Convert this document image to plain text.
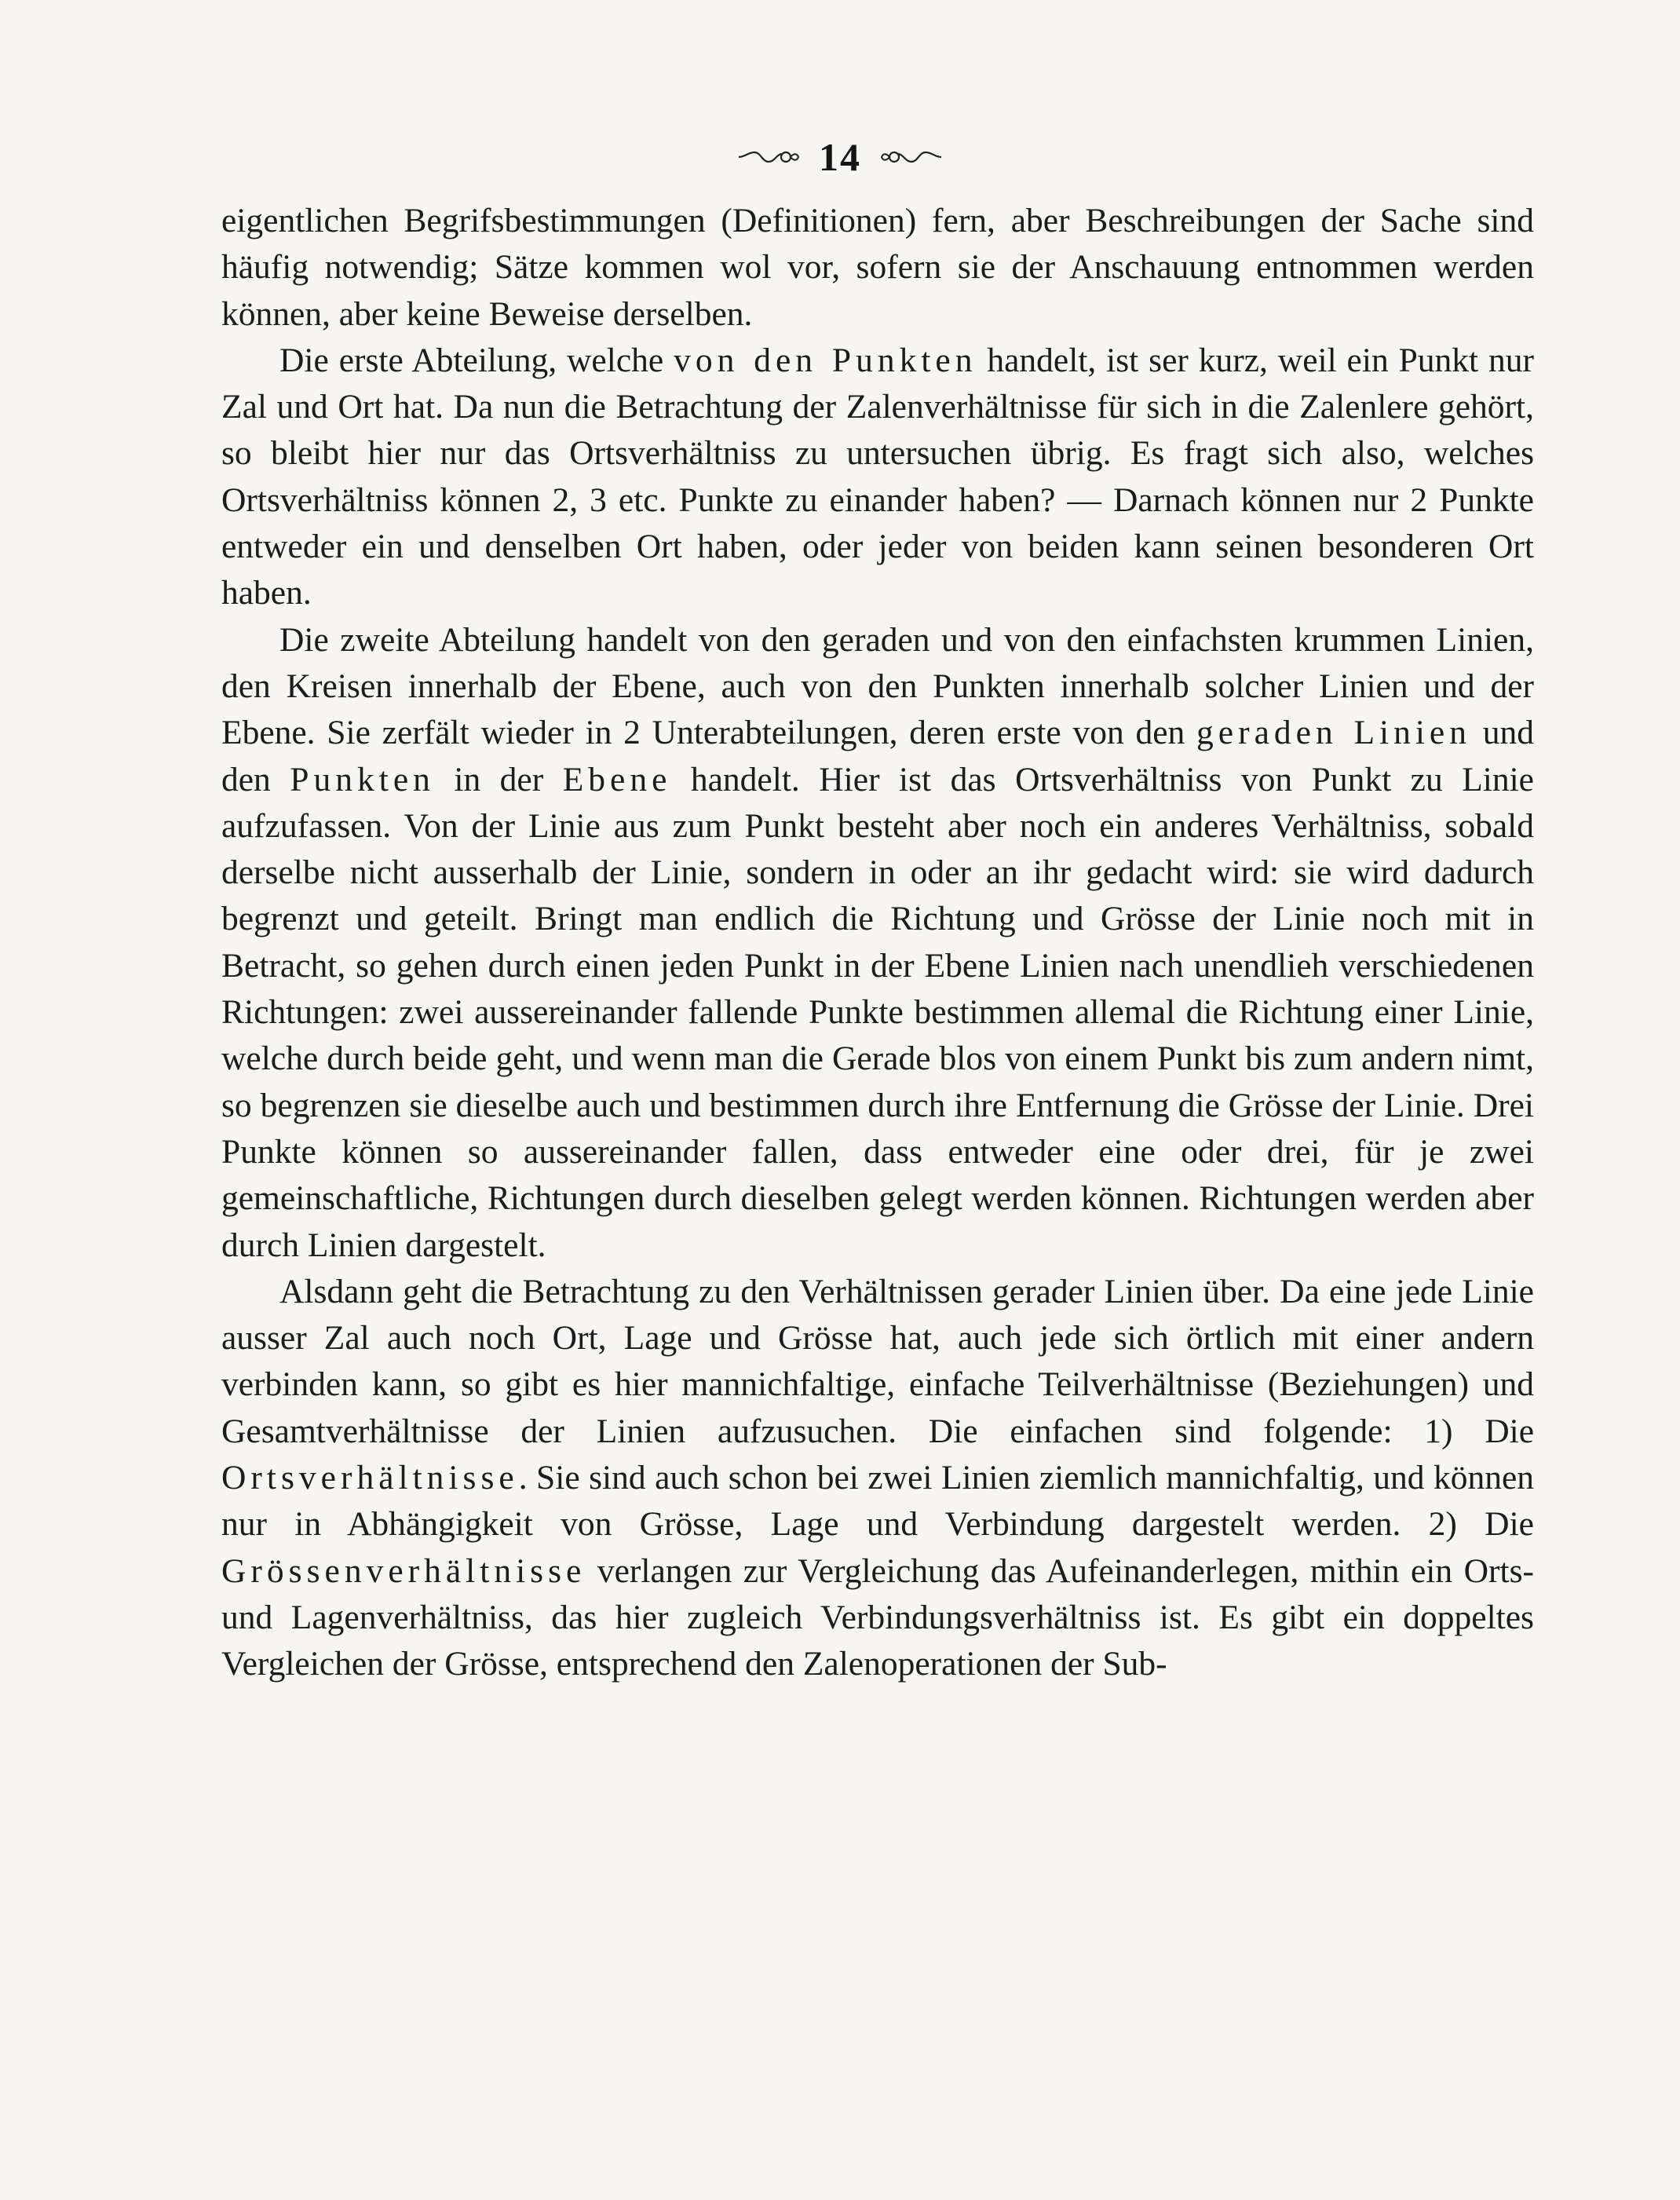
14

eigentlichen Begrifsbestimmungen (Definitionen) fern, aber Beschreibungen der Sache sind häufig notwendig; Sätze kommen wol vor, sofern sie der Anschauung entnommen werden können, aber keine Beweise derselben.

Die erste Abteilung, welche von den Punkten handelt, ist ser kurz, weil ein Punkt nur Zal und Ort hat. Da nun die Betrachtung der Zalenverhältnisse für sich in die Zalenlere gehört, so bleibt hier nur das Ortsverhältniss zu untersuchen übrig. Es fragt sich also, welches Ortsverhältniss können 2, 3 etc. Punkte zu einander haben? — Darnach können nur 2 Punkte entweder ein und denselben Ort haben, oder jeder von beiden kann seinen besonderen Ort haben.

Die zweite Abteilung handelt von den geraden und von den einfachsten krummen Linien, den Kreisen innerhalb der Ebene, auch von den Punkten innerhalb solcher Linien und der Ebene. Sie zerfält wieder in 2 Unterabteilungen, deren erste von den geraden Linien und den Punkten in der Ebene handelt. Hier ist das Ortsverhältniss von Punkt zu Linie aufzufassen. Von der Linie aus zum Punkt besteht aber noch ein anderes Verhältniss, sobald derselbe nicht ausserhalb der Linie, sondern in oder an ihr gedacht wird: sie wird dadurch begrenzt und geteilt. Bringt man endlich die Richtung und Grösse der Linie noch mit in Betracht, so gehen durch einen jeden Punkt in der Ebene Linien nach unendlieh verschiedenen Richtungen: zwei aussereinander fallende Punkte bestimmen allemal die Richtung einer Linie, welche durch beide geht, und wenn man die Gerade blos von einem Punkt bis zum andern nimt, so begrenzen sie dieselbe auch und bestimmen durch ihre Entfernung die Grösse der Linie. Drei Punkte können so aussereinander fallen, dass entweder eine oder drei, für je zwei gemeinschaftliche, Richtungen durch dieselben gelegt werden können. Richtungen werden aber durch Linien dargestelt.

Alsdann geht die Betrachtung zu den Verhältnissen gerader Linien über. Da eine jede Linie ausser Zal auch noch Ort, Lage und Grösse hat, auch jede sich örtlich mit einer andern verbinden kann, so gibt es hier mannichfaltige, einfache Teilverhältnisse (Beziehungen) und Gesamtverhältnisse der Linien aufzusuchen. Die einfachen sind folgende: 1) Die Ortsverhältnisse. Sie sind auch schon bei zwei Linien ziemlich mannichfaltig, und können nur in Abhängigkeit von Grösse, Lage und Verbindung dargestelt werden. 2) Die Grössenverhältnisse verlangen zur Vergleichung das Aufeinanderlegen, mithin ein Orts- und Lagenverhältniss, das hier zugleich Verbindungsverhältniss ist. Es gibt ein doppeltes Vergleichen der Grösse, entsprechend den Zalenoperationen der Sub-
